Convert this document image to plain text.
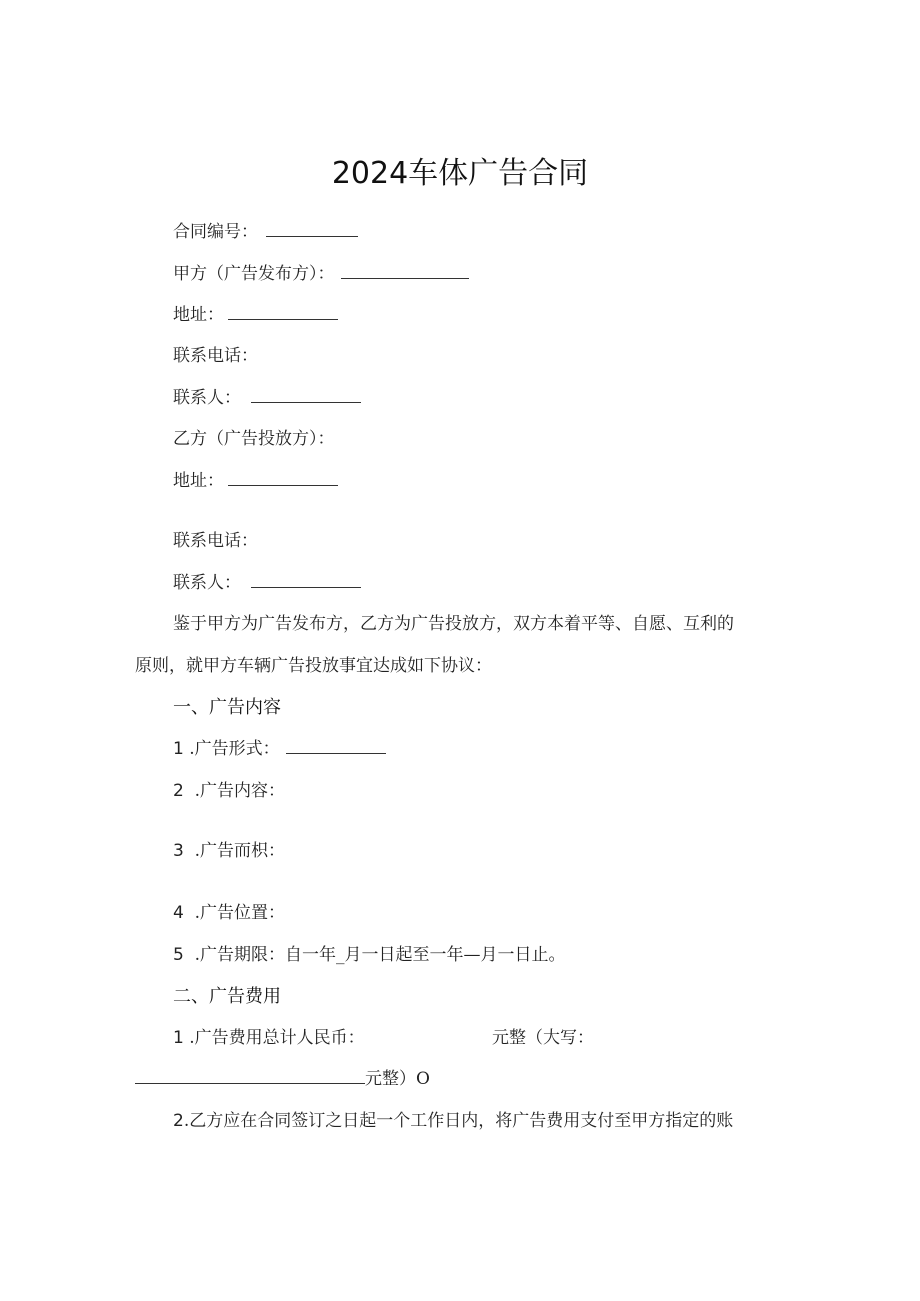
2024车体广告合同
合同编号：
甲方（广告发布方）：
地址：
联系电话：
联系人：
乙方（广告投放方）：
地址：
联系电话：
联系人：
鉴于甲方为广告发布方，乙方为广告投放方，双方本着平等、自愿、互利的
原则，就甲方车辆广告投放事宜达成如下协议：
一、广告内容
1 .广告形式：
2 .广告内容：
3 .广告而枳：
4 .广告位置：
5 .广告期限：自一年_月一日起至一年—月一日止。
二、广告费用
1 .广告费用总计人民币：	元整（大写：
元整）O
2.乙方应在合同签订之日起一个工作日内，将广告费用支付至甲方指定的账
